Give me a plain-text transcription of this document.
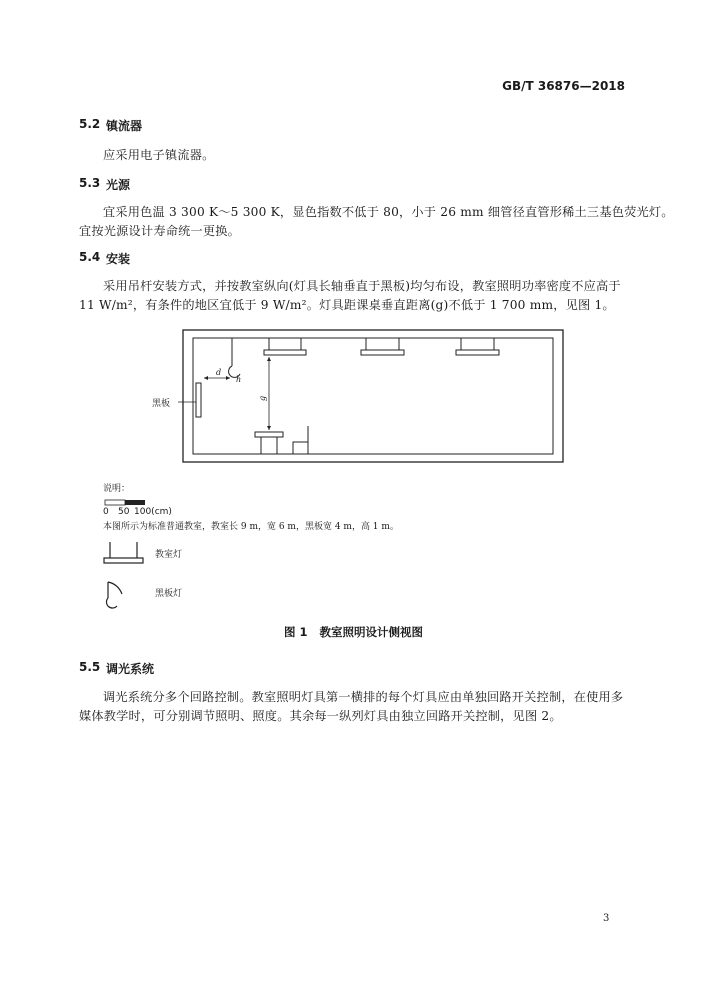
GB/T 36876—2018
5.2 镇流器
应采用电子镇流器。
5.3 光源
宜采用色温 3 300 K～5 300 K，显色指数不低于 80，小于 26 mm 细管径直管形稀土三基色荧光灯。
宜按光源设计寿命统一更换。
5.4 安装
采用吊杆安装方式，并按教室纵向(灯具长轴垂直于黑板)均匀布设，教室照明功率密度不应高于
11 W/m²，有条件的地区宜低于 9 W/m²。灯具距课桌垂直距离(g)不低于 1 700 mm，见图 1。
h
d
黑板
g
说明：
0 50 100(cm)
本图所示为标准普通教室，教室长 9 m，宽 6 m，黑板宽 4 m，高 1 m。
教室灯
黑板灯
图 1 教室照明设计侧视图
5.5 调光系统
调光系统分多个回路控制。教室照明灯具第一横排的每个灯具应由单独回路开关控制，在使用多
媒体教学时，可分别调节照明、照度。其余每一纵列灯具由独立回路开关控制，见图 2。
3
